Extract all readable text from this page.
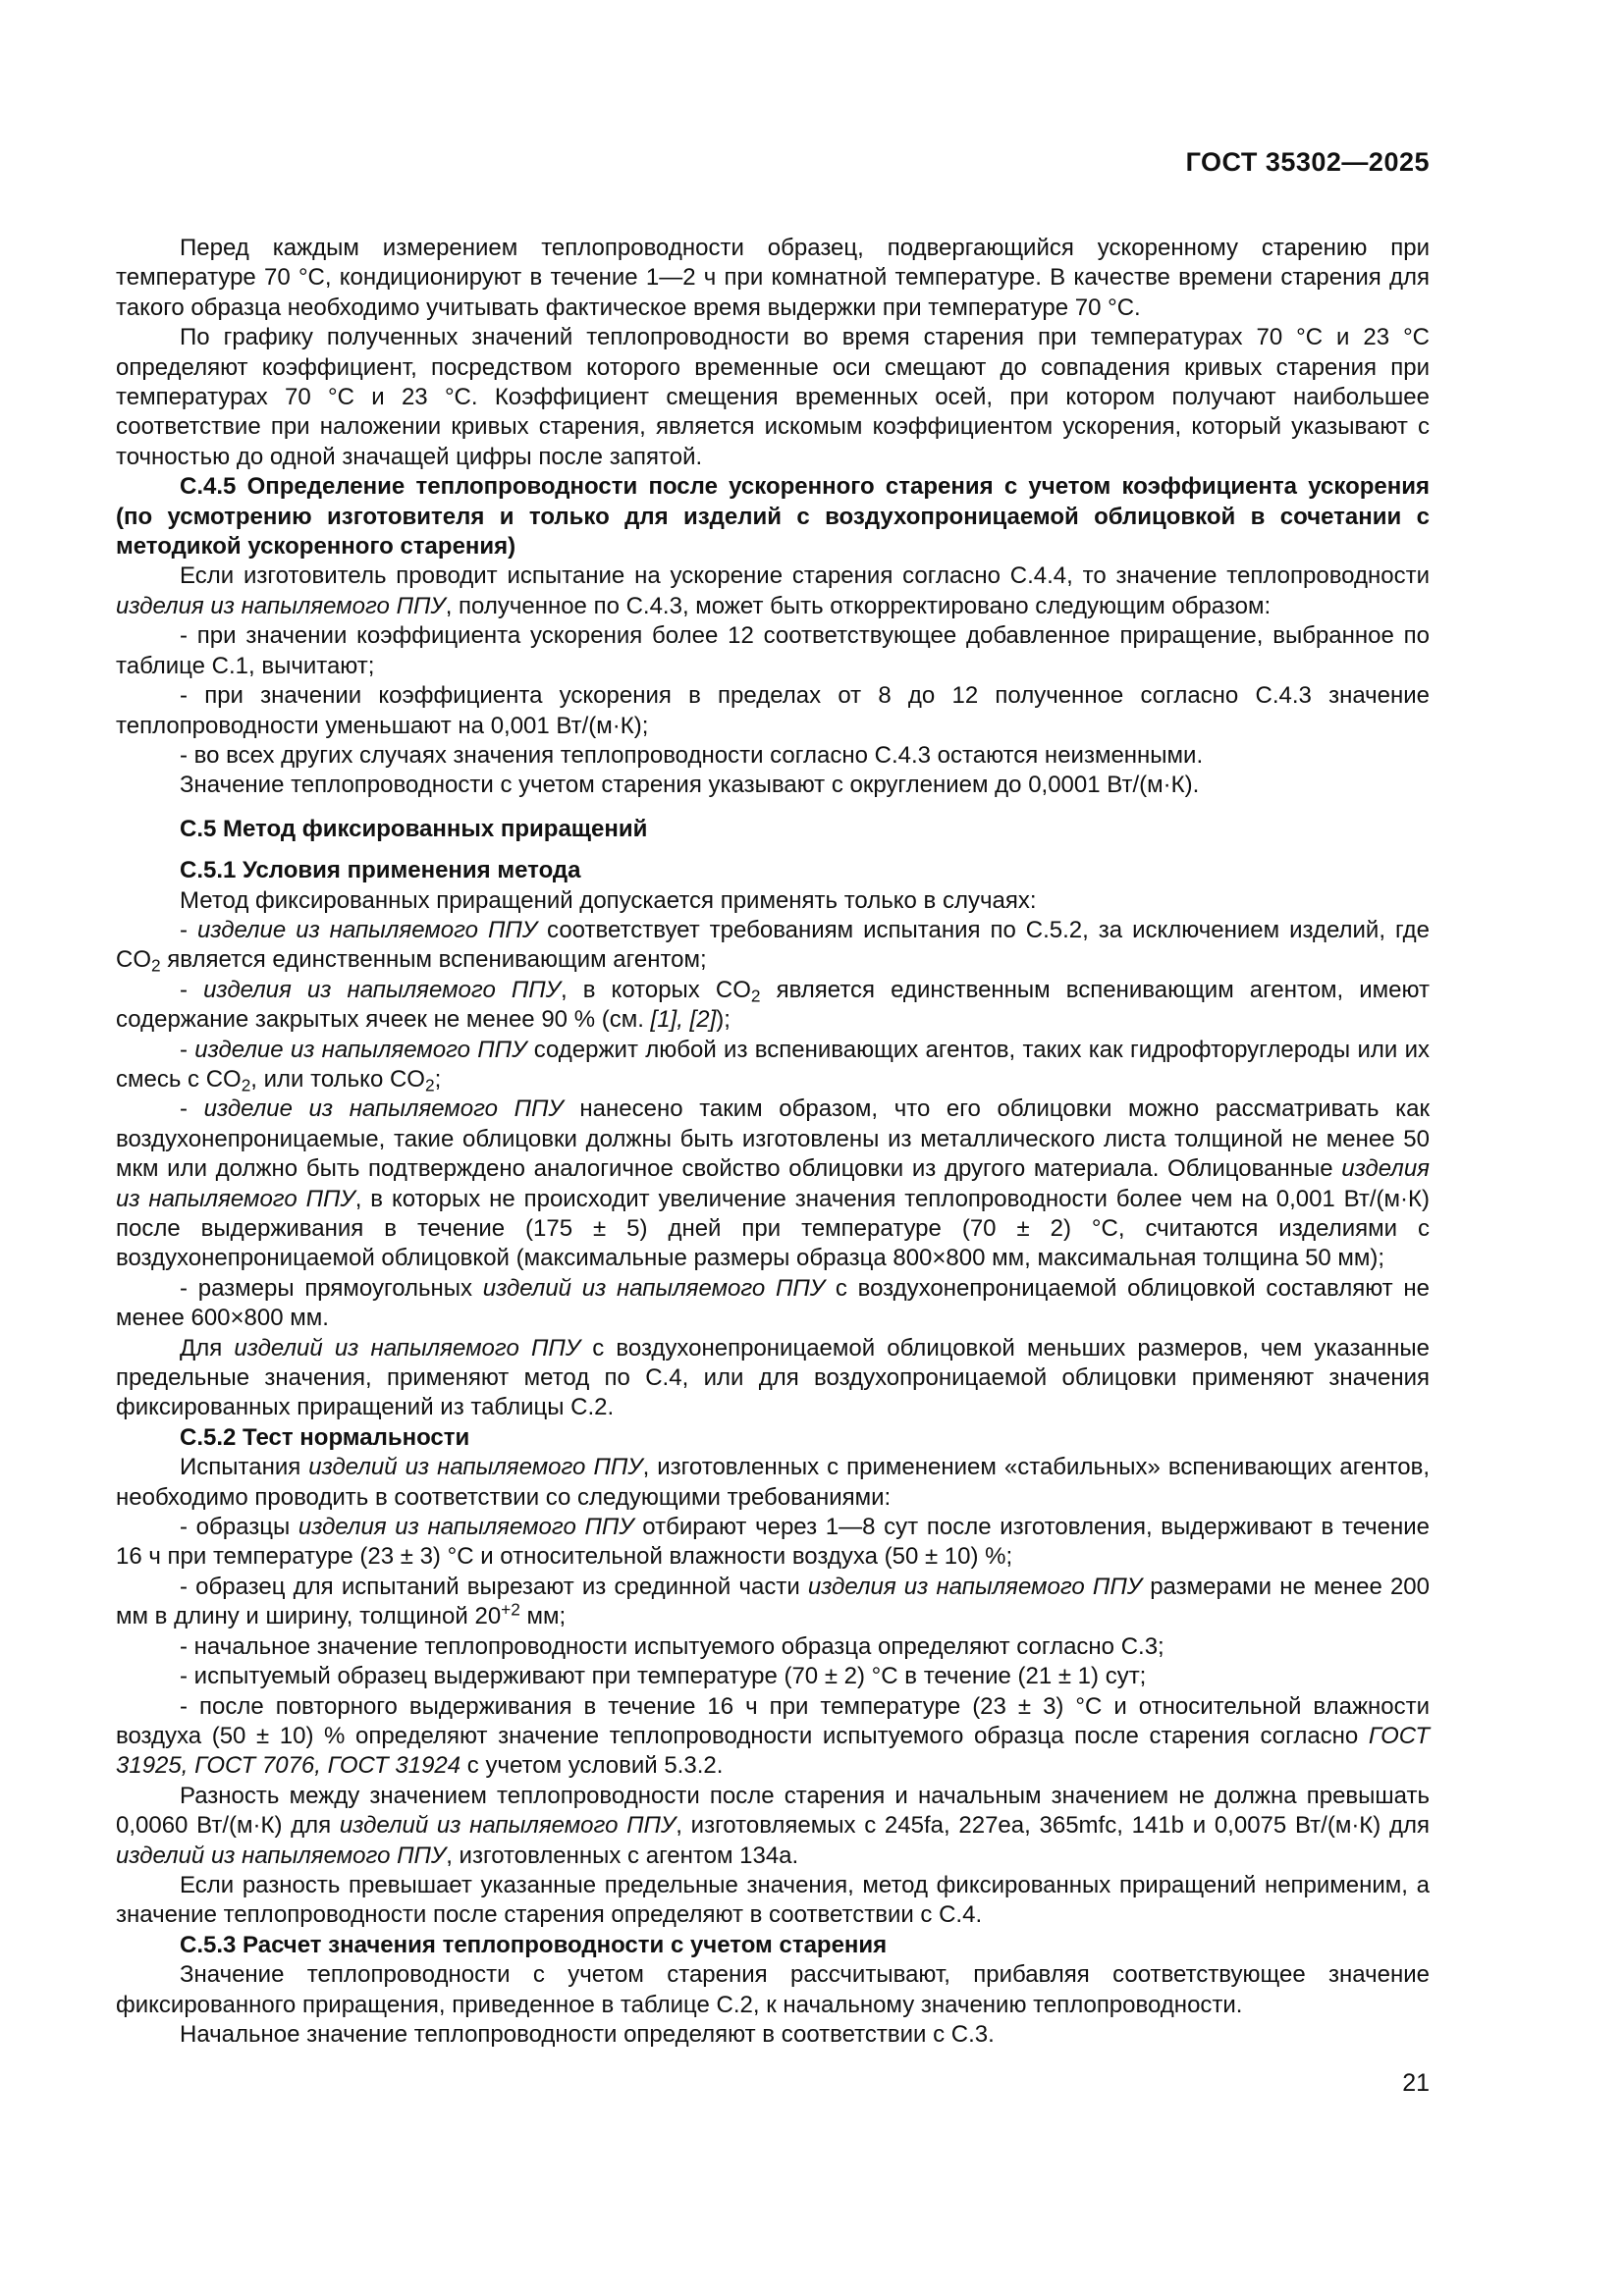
ГОСТ 35302—2025

Перед каждым измерением теплопроводности образец, подвергающийся ускоренному старению при температуре 70 °С, кондиционируют в течение 1—2 ч при комнатной температуре. В качестве времени старения для такого образца необходимо учитывать фактическое время выдержки при температуре 70 °С.

По графику полученных значений теплопроводности во время старения при температурах 70 °С и 23 °С определяют коэффициент, посредством которого временные оси смещают до совпадения кривых старения при температурах 70 °С и 23 °С. Коэффициент смещения временных осей, при котором получают наибольшее соответствие при наложении кривых старения, является искомым коэффициентом ускорения, который указывают с точностью до одной значащей цифры после запятой.

С.4.5 Определение теплопроводности после ускоренного старения с учетом коэффициента ускорения (по усмотрению изготовителя и только для изделий с воздухопроницаемой облицовкой в сочетании с методикой ускоренного старения)

Если изготовитель проводит испытание на ускорение старения согласно С.4.4, то значение теплопроводности изделия из напыляемого ППУ, полученное по С.4.3, может быть откорректировано следующим образом:

- при значении коэффициента ускорения более 12 соответствующее добавленное приращение, выбранное по таблице С.1, вычитают;

- при значении коэффициента ускорения в пределах от 8 до 12 полученное согласно С.4.3 значение теплопроводности уменьшают на 0,001 Вт/(м·К);

- во всех других случаях значения теплопроводности согласно С.4.3 остаются неизменными.

Значение теплопроводности с учетом старения указывают с округлением до 0,0001 Вт/(м·К).

С.5 Метод фиксированных приращений

С.5.1 Условия применения метода

Метод фиксированных приращений допускается применять только в случаях:

- изделие из напыляемого ППУ соответствует требованиям испытания по С.5.2, за исключением изделий, где $CO_2$ является единственным вспенивающим агентом;

- изделия из напыляемого ППУ, в которых $CO_2$ является единственным вспенивающим агентом, имеют содержание закрытых ячеек не менее 90 % (см. [1], [2]);

- изделие из напыляемого ППУ содержит любой из вспенивающих агентов, таких как гидрофторуглероды или их смесь с $CO_2$, или только $CO_2$;

- изделие из напыляемого ППУ нанесено таким образом, что его облицовки можно рассматривать как воздухонепроницаемые, такие облицовки должны быть изготовлены из металлического листа толщиной не менее 50 мкм или должно быть подтверждено аналогичное свойство облицовки из другого материала. Облицованные изделия из напыляемого ППУ, в которых не происходит увеличение значения теплопроводности более чем на 0,001 Вт/(м·К) после выдерживания в течение (175 ± 5) дней при температуре (70 ± 2) °С, считаются изделиями с воздухонепроницаемой облицовкой (максимальные размеры образца 800×800 мм, максимальная толщина 50 мм);

- размеры прямоугольных изделий из напыляемого ППУ с воздухонепроницаемой облицовкой составляют не менее 600×800 мм.

Для изделий из напыляемого ППУ с воздухонепроницаемой облицовкой меньших размеров, чем указанные предельные значения, применяют метод по С.4, или для воздухопроницаемой облицовки применяют значения фиксированных приращений из таблицы С.2.

С.5.2 Тест нормальности

Испытания изделий из напыляемого ППУ, изготовленных с применением «стабильных» вспенивающих агентов, необходимо проводить в соответствии со следующими требованиями:

- образцы изделия из напыляемого ППУ отбирают через 1—8 сут после изготовления, выдерживают в течение 16 ч при температуре (23 ± 3) °С и относительной влажности воздуха (50 ± 10) %;

- образец для испытаний вырезают из срединной части изделия из напыляемого ППУ размерами не менее 200 мм в длину и ширину, толщиной $20^{+2}$ мм;

- начальное значение теплопроводности испытуемого образца определяют согласно С.3;

- испытуемый образец выдерживают при температуре (70 ± 2) °С в течение (21 ± 1) сут;

- после повторного выдерживания в течение 16 ч при температуре (23 ± 3) °С и относительной влажности воздуха (50 ± 10) % определяют значение теплопроводности испытуемого образца после старения согласно ГОСТ 31925, ГОСТ 7076, ГОСТ 31924 с учетом условий 5.3.2.

Разность между значением теплопроводности после старения и начальным значением не должна превышать 0,0060 Вт/(м·К) для изделий из напыляемого ППУ, изготовляемых с 245fa, 227ea, 365mfc, 141b и 0,0075 Вт/(м·К) для изделий из напыляемого ППУ, изготовленных с агентом 134a.

Если разность превышает указанные предельные значения, метод фиксированных приращений неприменим, а значение теплопроводности после старения определяют в соответствии с С.4.

С.5.3 Расчет значения теплопроводности с учетом старения

Значение теплопроводности с учетом старения рассчитывают, прибавляя соответствующее значение фиксированного приращения, приведенное в таблице С.2, к начальному значению теплопроводности.

Начальное значение теплопроводности определяют в соответствии с С.3.

21
